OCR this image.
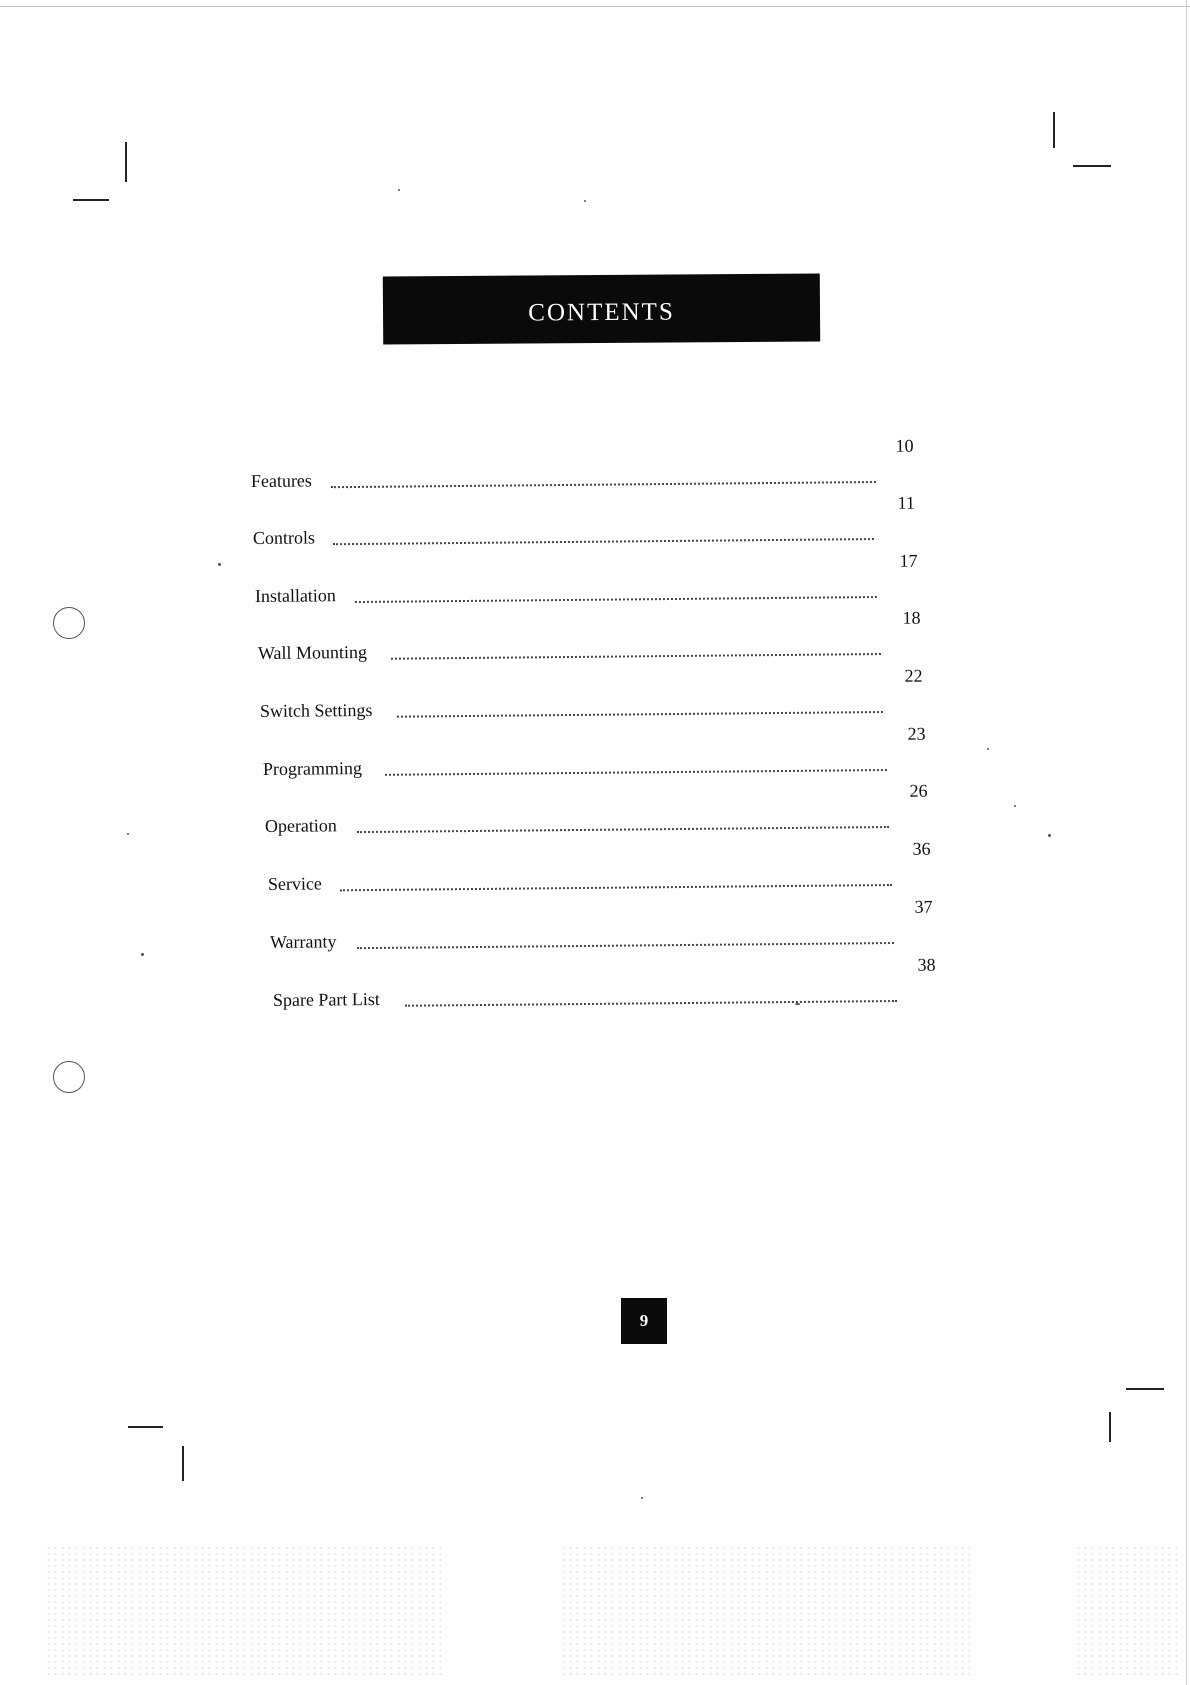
contents
Features
10
Controls
11
Installation
17
Wall Mounting
18
Switch Settings
22
Programming
23
Operation
26
Service
36
Warranty
37
Spare Part List
38
9
